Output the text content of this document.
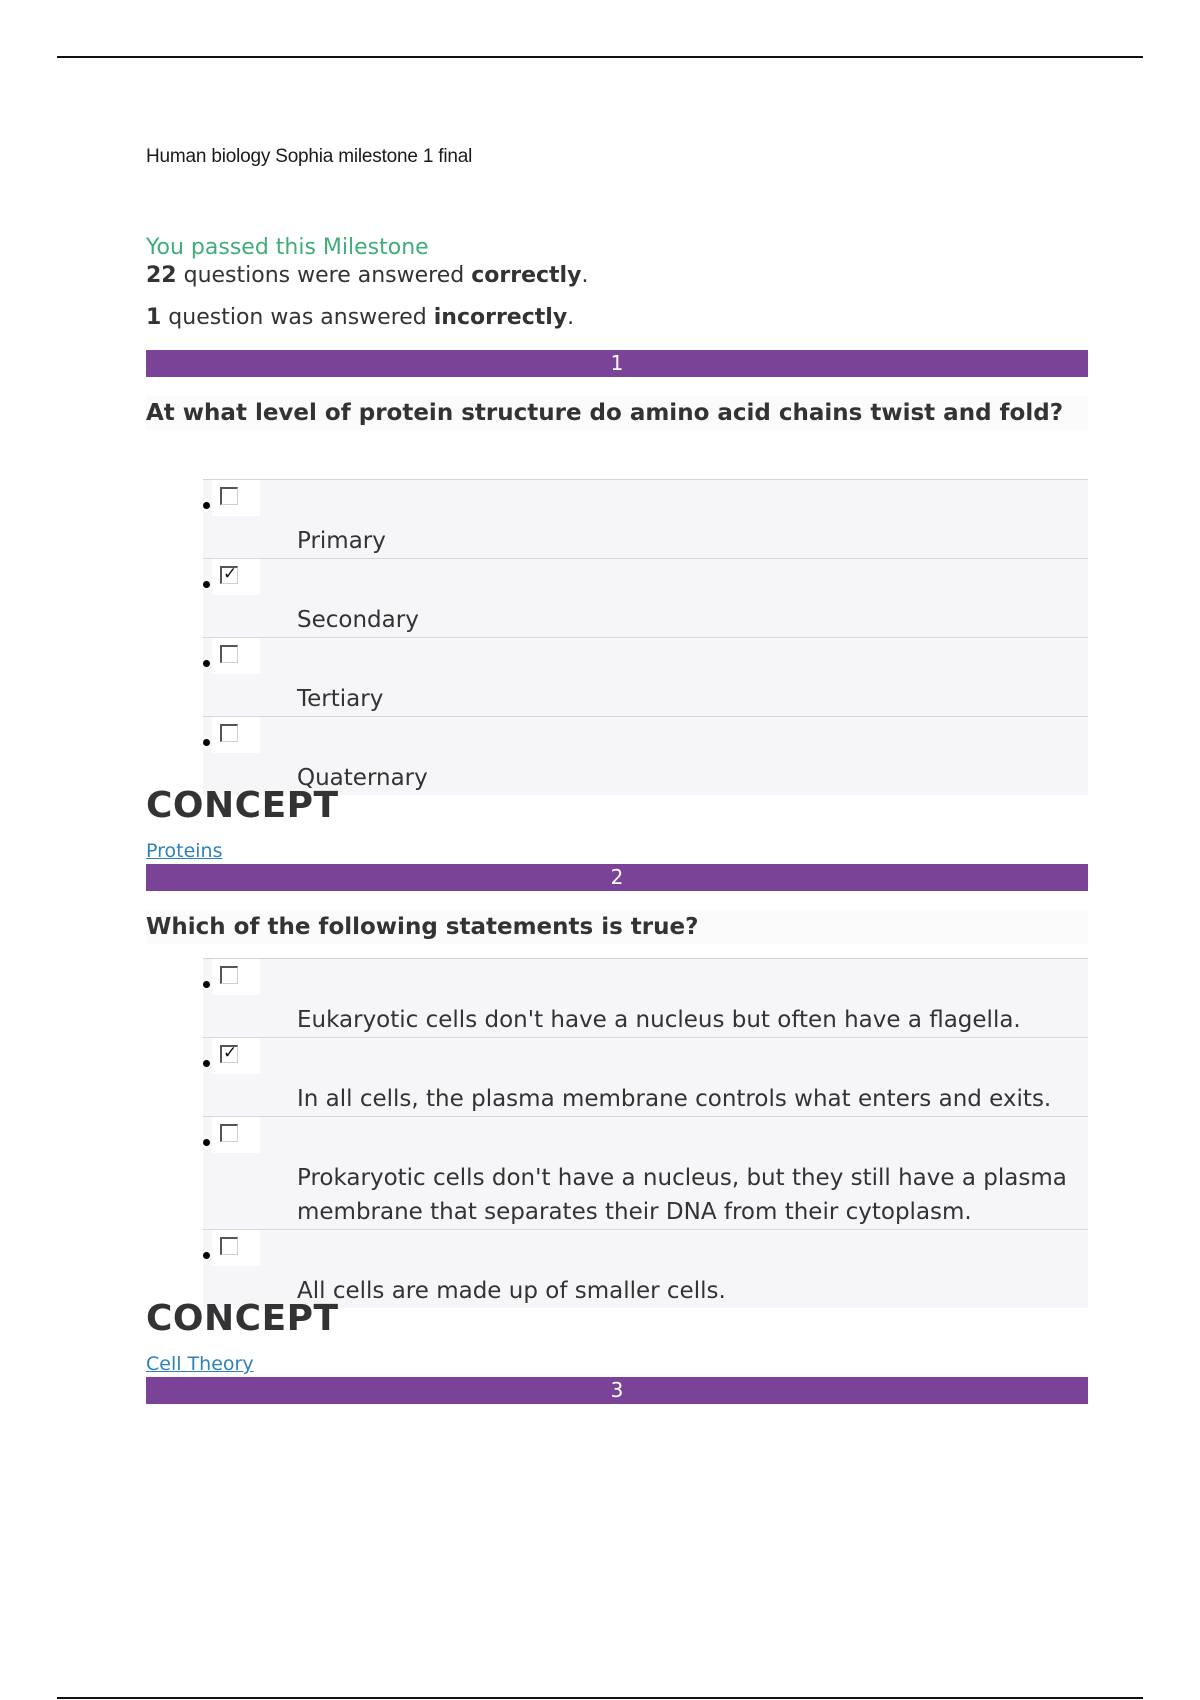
Human biology Sophia milestone 1 final
You passed this Milestone
22 questions were answered correctly.
1 question was answered incorrectly.
1
At what level of protein structure do amino acid chains twist and fold?
Primary
✓
Secondary
Tertiary
Quaternary
CONCEPT
Proteins
2
Which of the following statements is true?
Eukaryotic cells don't have a nucleus but often have a flagella.
✓
In all cells, the plasma membrane controls what enters and exits.
Prokaryotic cells don't have a nucleus, but they still have a plasma membrane that separates their DNA from their cytoplasm.
All cells are made up of smaller cells.
CONCEPT
Cell Theory
3
